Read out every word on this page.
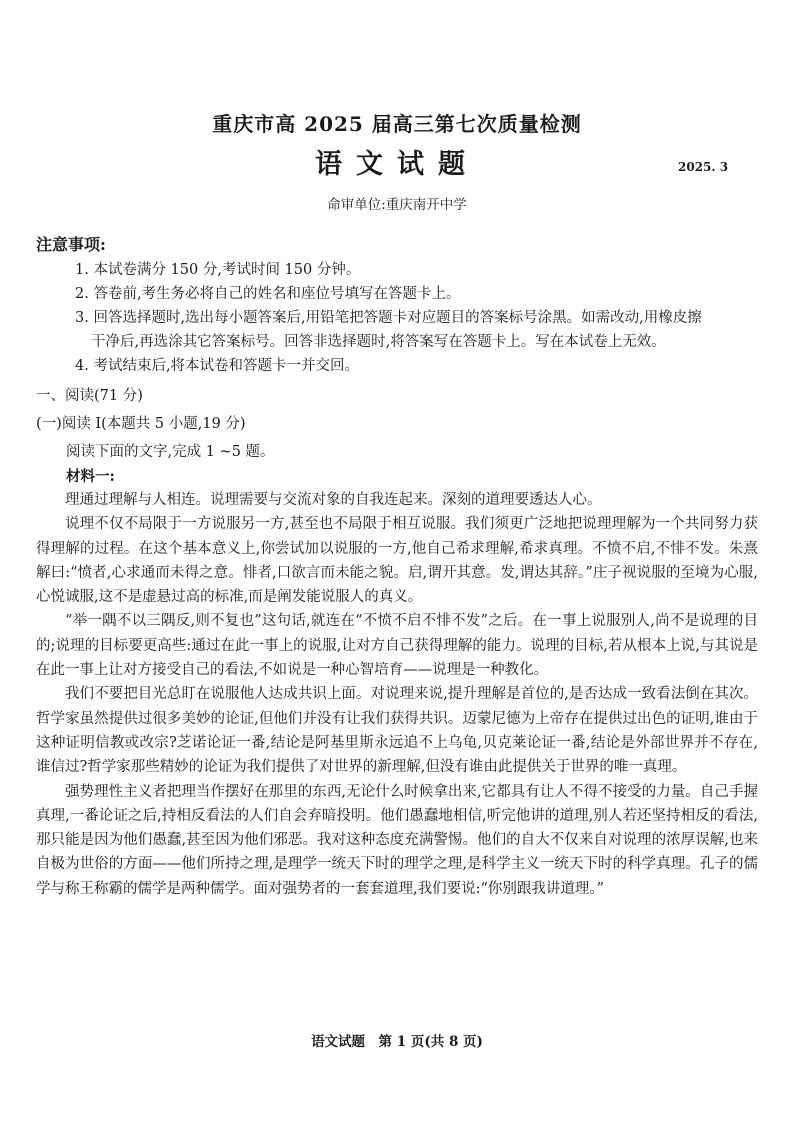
重庆市高 2025 届高三第七次质量检测
语文试题	2025. 3
命审单位:重庆南开中学
注意事项:
1. 本试卷满分 150 分,考试时间 150 分钟。
2. 答卷前,考生务必将自己的姓名和座位号填写在答题卡上。
3. 回答选择题时,选出每小题答案后,用铅笔把答题卡对应题目的答案标号涂黑。如需改动,用橡皮擦
干净后,再选涂其它答案标号。回答非选择题时,将答案写在答题卡上。写在本试卷上无效。
4. 考试结束后,将本试卷和答题卡一并交回。
一、阅读(71 分)
(一)阅读 I(本题共 5 小题,19 分)
阅读下面的文字,完成 1 ~5 题。
材料一:

理通过理解与人相连。说理需要与交流对象的自我连起来。深刻的道理要透达人心。

说理不仅不局限于一方说服另一方,甚至也不局限于相互说服。我们须更广泛地把说理理解为一个共同努力获得理解的过程。在这个基本意义上,你尝试加以说服的一方,他自己希求理解,希求真理。不愤不启,不悱不发。朱熹解曰:“愤者,心求通而未得之意。悱者,口欲言而未能之貌。启,谓开其意。发,谓达其辞。”庄子视说服的至境为心服,心悦诚服,这不是虚悬过高的标准,而是阐发能说服人的真义。

“举一隅不以三隅反,则不复也”这句话,就连在“不愤不启不悱不发”之后。在一事上说服别人,尚不是说理的目的;说理的目标要更高些:通过在此一事上的说服,让对方自己获得理解的能力。说理的目标,若从根本上说,与其说是在此一事上让对方接受自己的看法,不如说是一种心智培育——说理是一种教化。

我们不要把目光总盯在说服他人达成共识上面。对说理来说,提升理解是首位的,是否达成一致看法倒在其次。哲学家虽然提供过很多美妙的论证,但他们并没有让我们获得共识。迈蒙尼德为上帝存在提供过出色的证明,谁由于这种证明信教或改宗?芝诺论证一番,结论是阿基里斯永远追不上乌龟,贝克莱论证一番,结论是外部世界并不存在,谁信过?哲学家那些精妙的论证为我们提供了对世界的新理解,但没有谁由此提供关于世界的唯一真理。

强势理性主义者把理当作摆好在那里的东西,无论什么时候拿出来,它都具有让人不得不接受的力量。自己手握真理,一番论证之后,持相反看法的人们自会弃暗投明。他们愚蠢地相信,听完他讲的道理,别人若还坚持相反的看法,那只能是因为他们愚蠢,甚至因为他们邪恶。我对这种态度充满警惕。他们的自大不仅来自对说理的浓厚误解,也来自极为世俗的方面——他们所持之理,是理学一统天下时的理学之理,是科学主义一统天下时的科学真理。孔子的儒学与称王称霸的儒学是两种儒学。面对强势者的一套套道理,我们要说:“你别跟我讲道理。”

语文试题　第 1 页(共 8 页)
